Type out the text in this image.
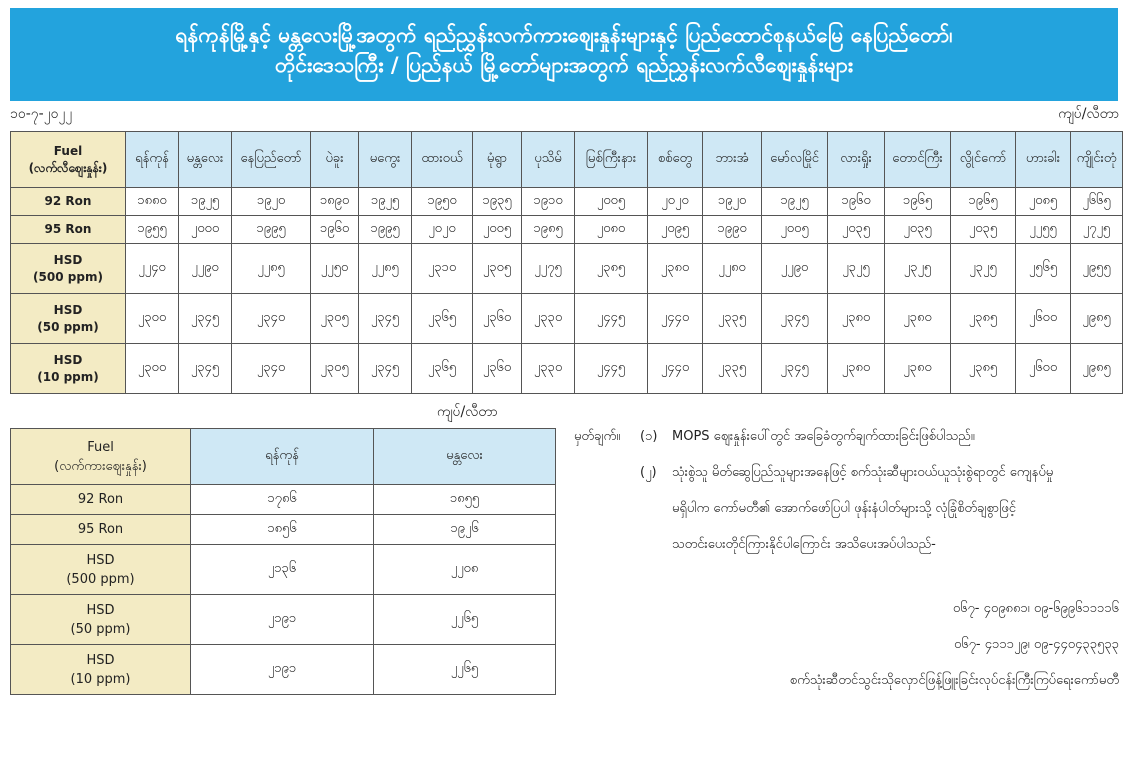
ရန်ကုန်မြို့နှင့် မန္တလေးမြို့အတွက် ရည်ညွှန်းလက်ကားဈေးနှုန်းများနှင့် ပြည်ထောင်စုနယ်မြေ နေပြည်တော်၊
တိုင်းဒေသကြီး / ပြည်နယ် မြို့တော်များအတွက် ရည်ညွှန်းလက်လီဈေးနှုန်းများ
၁၀-၇-၂၀၂၂	ကျပ်/လီတာ
Fuel
(လက်လီဈေးနှုန်း)	ရန်ကုန်	မန္တလေး	နေပြည်တော်	ပဲခူး	မကွေး	ထားဝယ်	မုံရွာ	ပုသိမ်	မြစ်ကြီးနား	စစ်တွေ	ဘားအံ	မော်လမြိုင်	လားရှိုး	တောင်ကြီး	လွိုင်ကော်	ဟားခါး	ကျိုင်းတုံ
92 Ron	၁၈၈၀	၁၉၂၅	၁၉၂၀	၁၈၉၀	၁၉၂၅	၁၉၅၀	၁၉၃၅	၁၉၁၀	၂၀၀၅	၂၀၂၀	၁၉၂၀	၁၉၂၅	၁၉၆၀	၁၉၆၅	၁၉၆၅	၂၀၈၅	၂၆၆၅
95 Ron	၁၉၅၅	၂၀၀၀	၁၉၉၅	၁၉၆၀	၁၉၉၅	၂၀၂၀	၂၀၀၅	၁၉၈၅	၂၀၈၀	၂၀၉၅	၁၉၉၀	၂၀၀၅	၂၀၃၅	၂၀၃၅	၂၀၃၅	၂၂၅၅	၂၇၂၅
HSD
(500 ppm)	၂၂၄၀	၂၂၉၀	၂၂၈၅	၂၂၅၀	၂၂၈၅	၂၃၁၀	၂၃၀၅	၂၂၇၅	၂၃၈၅	၂၃၈၀	၂၂၈၀	၂၂၉၀	၂၃၂၅	၂၃၂၅	၂၃၂၅	၂၅၆၅	၂၉၅၅
HSD
(50 ppm)	၂၃၀၀	၂၃၄၅	၂၃၄၀	၂၃၀၅	၂၃၄၅	၂၃၆၅	၂၃၆၀	၂၃၃၀	၂၄၄၅	၂၄၄၀	၂၃၃၅	၂၃၄၅	၂၃၈၀	၂၃၈၀	၂၃၈၅	၂၆၀၀	၂၉၈၅
HSD
(10 ppm)	၂၃၀၀	၂၃၄၅	၂၃၄၀	၂၃၀၅	၂၃၄၅	၂၃၆၅	၂၃၆၀	၂၃၃၀	၂၄၄၅	၂၄၄၀	၂၃၃၅	၂၃၄၅	၂၃၈၀	၂၃၈၀	၂၃၈၅	၂၆၀၀	၂၉၈၅
ကျပ်/လီတာ
Fuel
(လက်ကားဈေးနှုန်း)	ရန်ကုန်	မန္တလေး
92 Ron	၁၇၈၆	၁၈၅၅
95 Ron	၁၈၅၆	၁၉၂၆
HSD
(500 ppm)	၂၁၃၆	၂၂၀၈
HSD
(50 ppm)	၂၁၉၁	၂၂၆၅
HSD
(10 ppm)	၂၁၉၁	၂၂၆၅
မှတ်ချက်။ (၁) MOPS ဈေးနှုန်းပေါ်တွင် အခြေခံတွက်ချက်ထားခြင်းဖြစ်ပါသည်။
(၂) သုံးစွဲသူ မိတ်ဆွေပြည်သူများအနေဖြင့် စက်သုံးဆီများဝယ်ယူသုံးစွဲရာတွင် ကျေနပ်မှု
မရှိပါက ကော်မတီ၏ အောက်ဖော်ပြပါ ဖုန်းနံပါတ်များသို့ လုံခြုံစိတ်ချစွာဖြင့်
သတင်းပေးတိုင်ကြားနိုင်ပါကြောင်း အသိပေးအပ်ပါသည်-
၀၆၇- ၄၀၉၈၈၁၊ ၀၉-၆၉၉၆၁၁၁၁၆
၀၆၇- ၄၁၁၁၂၉၊ ၀၉-၄၄၀၄၃၃၅၃၃
စက်သုံးဆီတင်သွင်းသိုလှောင်ဖြန့်ဖြူးခြင်းလုပ်ငန်းကြီးကြပ်ရေးကော်မတီ
